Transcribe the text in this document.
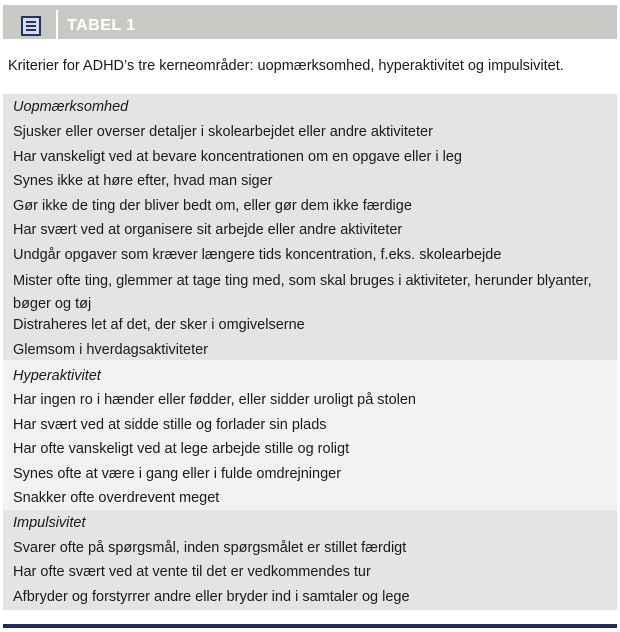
TABEL 1
Kriterier for ADHD’s tre kerneområder: uopmærksomhed, hyperaktivitet og impulsivitet.
Uopmærksomhed
Sjusker eller overser detaljer i skolearbejdet eller andre aktiviteter
Har vanskeligt ved at bevare koncentrationen om en opgave eller i leg
Synes ikke at høre efter, hvad man siger
Gør ikke de ting der bliver bedt om, eller gør dem ikke færdige
Har svært ved at organisere sit arbejde eller andre aktiviteter
Undgår opgaver som kræver længere tids koncentration, f.eks. skolearbejde
Mister ofte ting, glemmer at tage ting med, som skal bruges i aktiviteter, herunder blyanter, bøger og tøj
Distraheres let af det, der sker i omgivelserne
Glemsom i hverdagsaktiviteter
Hyperaktivitet
Har ingen ro i hænder eller fødder, eller sidder uroligt på stolen
Har svært ved at sidde stille og forlader sin plads
Har ofte vanskeligt ved at lege arbejde stille og roligt
Synes ofte at være i gang eller i fulde omdrejninger
Snakker ofte overdrevent meget
Impulsivitet
Svarer ofte på spørgsmål, inden spørgsmålet er stillet færdigt
Har ofte svært ved at vente til det er vedkommendes tur
Afbryder og forstyrrer andre eller bryder ind i samtaler og lege
